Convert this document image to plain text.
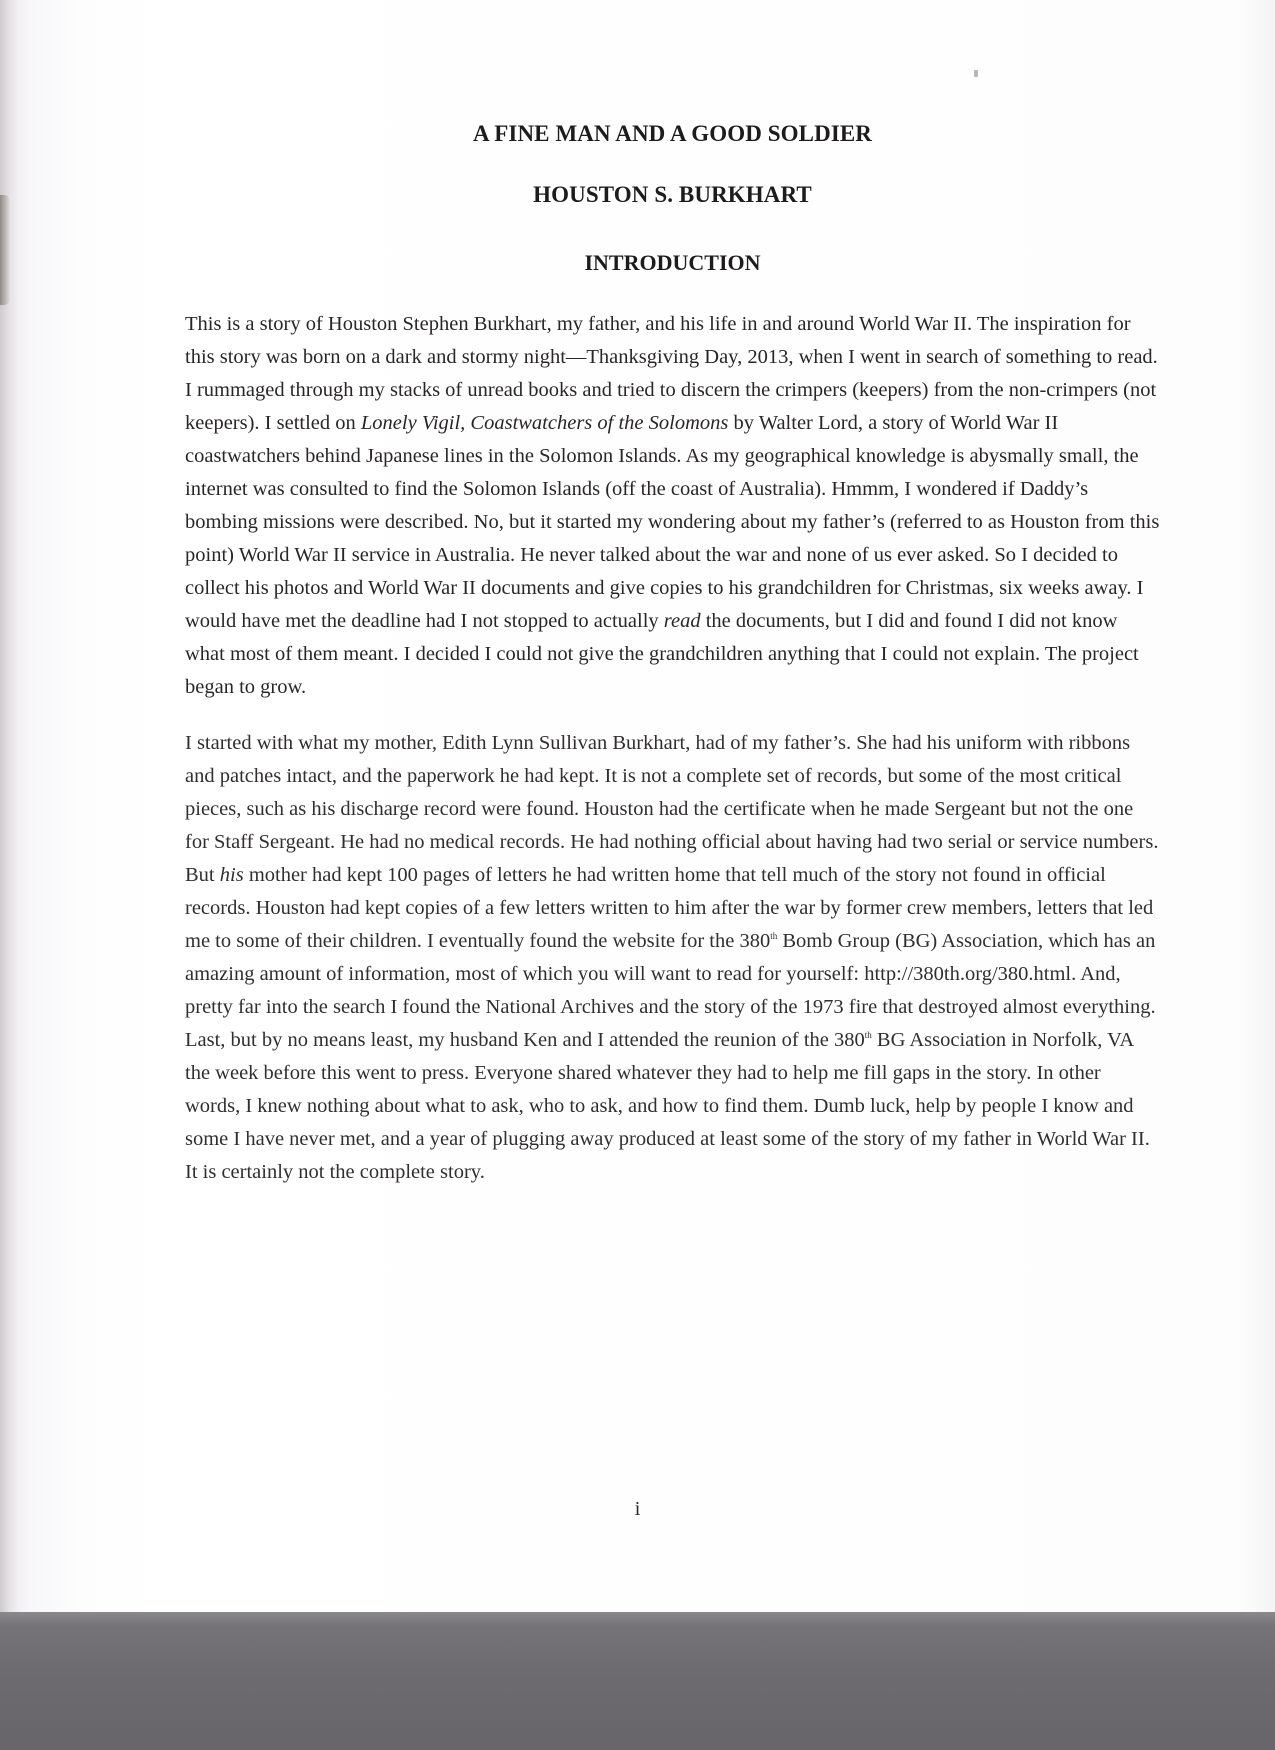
A FINE MAN AND A GOOD SOLDIER
HOUSTON S. BURKHART
INTRODUCTION

This is a story of Houston Stephen Burkhart, my father, and his life in and around World War II. The inspiration for this story was born on a dark and stormy night—Thanksgiving Day, 2013, when I went in search of something to read. I rummaged through my stacks of unread books and tried to discern the crimpers (keepers) from the non-crimpers (not keepers). I settled on Lonely Vigil, Coastwatchers of the Solomons by Walter Lord, a story of World War II coastwatchers behind Japanese lines in the Solomon Islands. As my geographical knowledge is abysmally small, the internet was consulted to find the Solomon Islands (off the coast of Australia). Hmmm, I wondered if Daddy’s bombing missions were described. No, but it started my wondering about my father’s (referred to as Houston from this point) World War II service in Australia. He never talked about the war and none of us ever asked. So I decided to collect his photos and World War II documents and give copies to his grandchildren for Christmas, six weeks away. I would have met the deadline had I not stopped to actually read the documents, but I did and found I did not know what most of them meant. I decided I could not give the grandchildren anything that I could not explain. The project began to grow.

I started with what my mother, Edith Lynn Sullivan Burkhart, had of my father’s. She had his uniform with ribbons and patches intact, and the paperwork he had kept. It is not a complete set of records, but some of the most critical pieces, such as his discharge record were found. Houston had the certificate when he made Sergeant but not the one for Staff Sergeant. He had no medical records. He had nothing official about having had two serial or service numbers. But his mother had kept 100 pages of letters he had written home that tell much of the story not found in official records. Houston had kept copies of a few letters written to him after the war by former crew members, letters that led me to some of their children. I eventually found the website for the 380th Bomb Group (BG) Association, which has an amazing amount of information, most of which you will want to read for yourself: http://380th.org/380.html. And, pretty far into the search I found the National Archives and the story of the 1973 fire that destroyed almost everything. Last, but by no means least, my husband Ken and I attended the reunion of the 380th BG Association in Norfolk, VA the week before this went to press. Everyone shared whatever they had to help me fill gaps in the story. In other words, I knew nothing about what to ask, who to ask, and how to find them. Dumb luck, help by people I know and some I have never met, and a year of plugging away produced at least some of the story of my father in World War II. It is certainly not the complete story.

i
